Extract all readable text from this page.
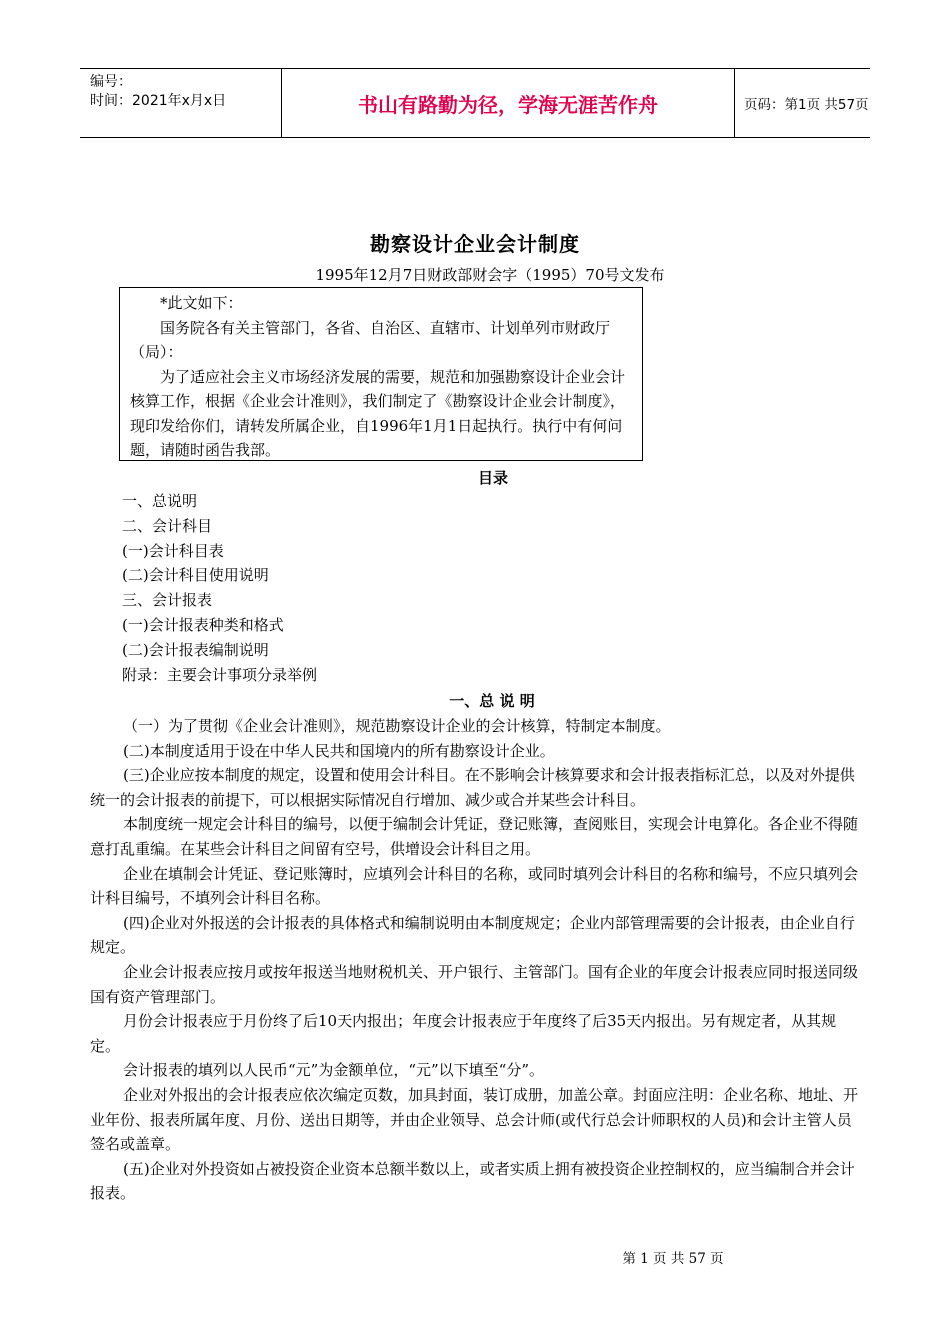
编号：
时间：2021年x月x日	书山有路勤为径，学海无涯苦作舟	页码：第1页 共57页
勘察设计企业会计制度
1995年12月7日财政部财会字（1995）70号文发布

*此文如下：

国务院各有关主管部门，各省、自治区、直辖市、计划单列市财政厅（局）：

为了适应社会主义市场经济发展的需要，规范和加强勘察设计企业会计核算工作，根据《企业会计准则》，我们制定了《勘察设计企业会计制度》，现印发给你们，请转发所属企业，自1996年1月1日起执行。执行中有何问题，请随时函告我部。

目录
一、总说明
二、会计科目
(一)会计科目表
(二)会计科目使用说明
三、会计报表
(一)会计报表种类和格式
(二)会计报表编制说明
附录：主要会计事项分录举例
一、总 说 明

（一）为了贯彻《企业会计准则》，规范勘察设计企业的会计核算，特制定本制度。

(二)本制度适用于设在中华人民共和国境内的所有勘察设计企业。

(三)企业应按本制度的规定，设置和使用会计科目。在不影响会计核算要求和会计报表指标汇总，以及对外提供统一的会计报表的前提下，可以根据实际情况自行增加、减少或合并某些会计科目。

本制度统一规定会计科目的编号，以便于编制会计凭证，登记账簿，查阅账目，实现会计电算化。各企业不得随意打乱重编。在某些会计科目之间留有空号，供增设会计科目之用。

企业在填制会计凭证、登记账簿时，应填列会计科目的名称，或同时填列会计科目的名称和编号，不应只填列会计科目编号，不填列会计科目名称。

(四)企业对外报送的会计报表的具体格式和编制说明由本制度规定；企业内部管理需要的会计报表，由企业自行规定。

企业会计报表应按月或按年报送当地财税机关、开户银行、主管部门。国有企业的年度会计报表应同时报送同级国有资产管理部门。

月份会计报表应于月份终了后10天内报出；年度会计报表应于年度终了后35天内报出。另有规定者，从其规定。

会计报表的填列以人民币“元”为金额单位，“元”以下填至“分”。

企业对外报出的会计报表应依次编定页数，加具封面，装订成册，加盖公章。封面应注明：企业名称、地址、开业年份、报表所属年度、月份、送出日期等，并由企业领导、总会计师(或代行总会计师职权的人员)和会计主管人员签名或盖章。

(五)企业对外投资如占被投资企业资本总额半数以上，或者实质上拥有被投资企业控制权的，应当编制合并会计报表。

第 1 页 共 57 页
